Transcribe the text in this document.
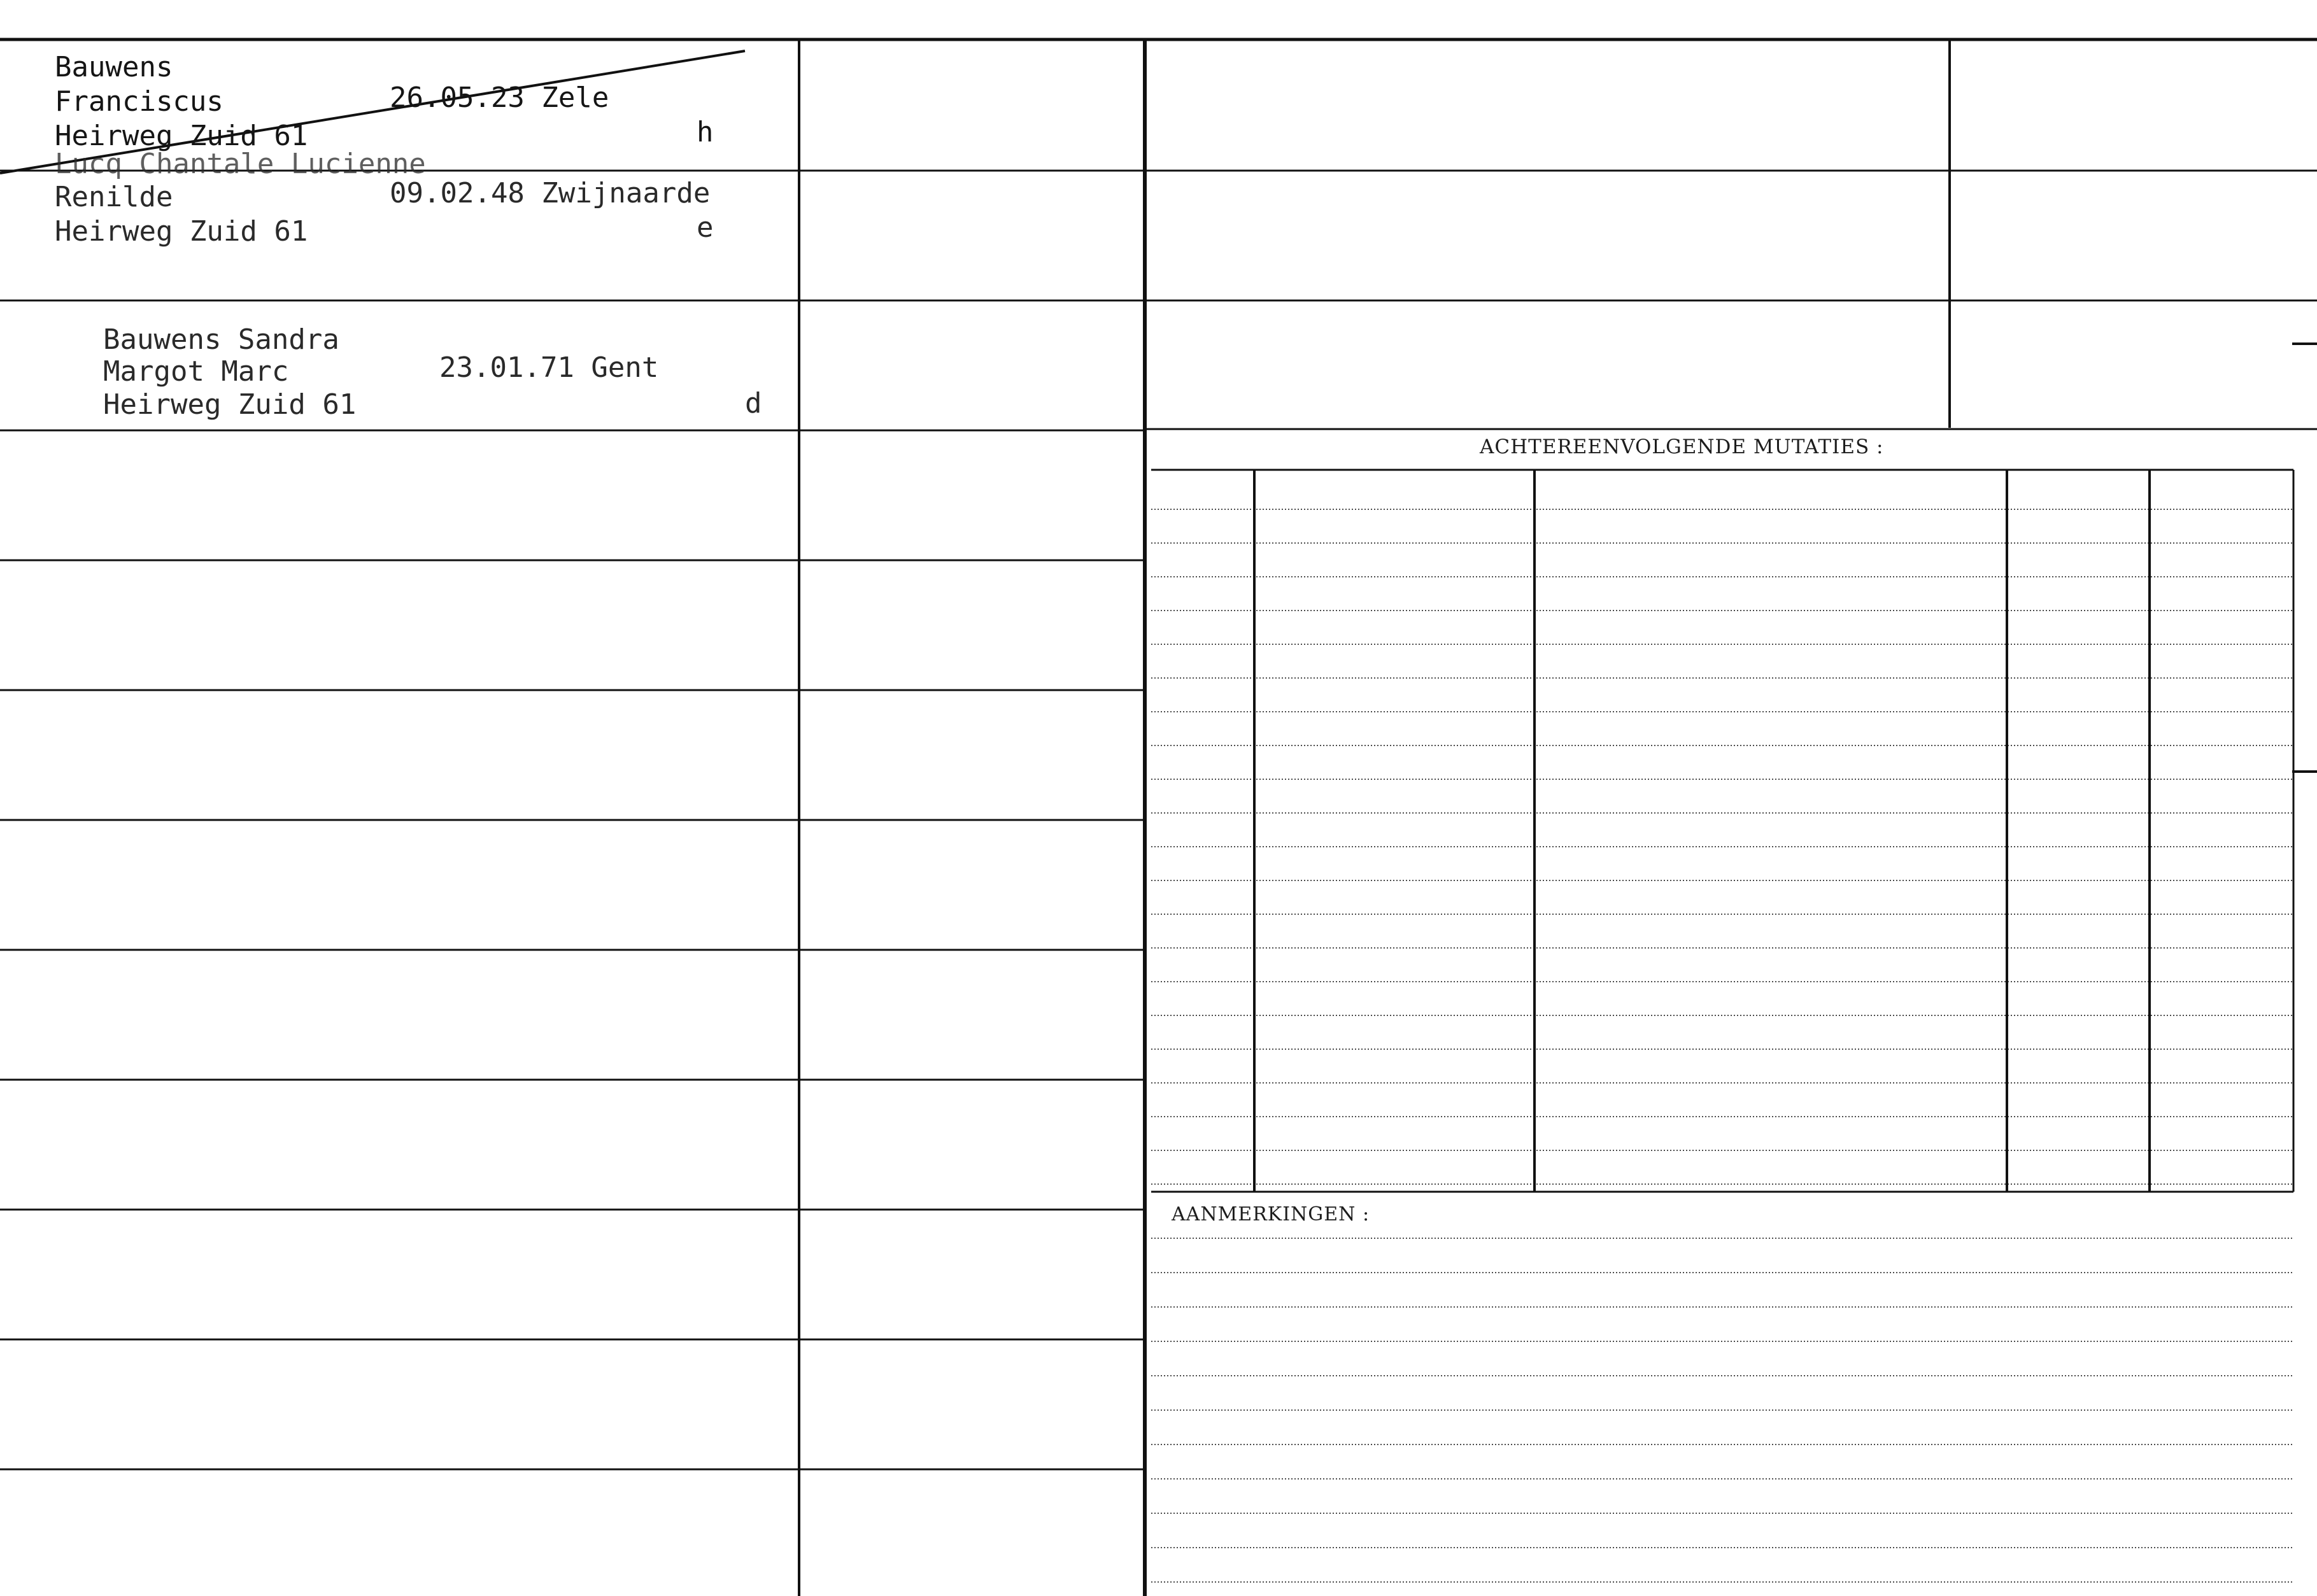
Bauwens
Franciscus	26.05.23 Zele
Heirweg Zuid 61	h
Lucq Chantale Lucienne
Renilde	09.02.48 Zwijnaarde
Heirweg Zuid 61	e
Bauwens Sandra
Margot Marc	23.01.71 Gent
Heirweg Zuid 61	d
ACHTEREENVOLGENDE MUTATIES :
AANMERKINGEN :
